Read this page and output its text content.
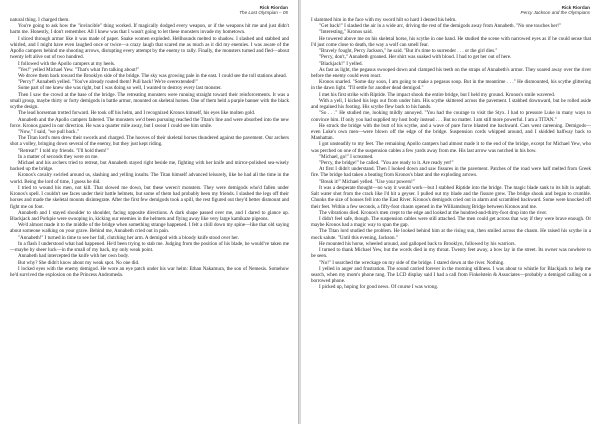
Rick Riordan
The Last Olympian – 05

natural thing. I charged them.

You're going to ask how the "invincible" thing worked. If magically dodged every weapon, or if the weapons hit me and just didn't harm me. Honestly, I don't remember. All I knew was that I wasn't going to let these monsters invade my hometown.

I sliced through armor like it was made of paper. Snake women exploded. Hellhounds melted to shadow. I slashed and stabbed and whirled, and I might have even laughed once or twice—a crazy laugh that scared me as much as it did my enemies. I was aware of the Apollo campers behind me shooting arrows, disrupting every attempt by the enemy to rally. Finally, the monsters turned and fled—about twenty left alive out of two hundred.

I followed with the Apollo campers at my heels.

"Yes!" yelled Michael Yew. "That's what I'm talking about!"

We drove them back toward the Brooklyn side of the bridge. The sky was growing pale in the east. I could see the toll stations ahead.

"Percy!" Annabeth yelled. "You've already routed them! Pull back! We're overextended!"

Some part of me knew she was right, but I was doing so well, I wanted to destroy every last monster.

Then I saw the crowd at the base of the bridge. The retreating monsters were running straight toward their reinforcements. It was a small group, maybe thirty or forty demigods in battle armor, mounted on skeletal horses. One of them held a purple banner with the black scythe design.

The lead horseman trotted forward. He took off his helm, and I recognized Kronos himself, his eyes like molten gold.

Annabeth and the Apollo campers faltered. The monsters we'd been pursuing reached the Titan's line and were absorbed into the new force. Kronos gazed in our direction. He was a quarter mile away, but I swear I could see him smile.

"Now," I said, "we pull back."

The Titan lord's men drew their swords and charged. The hooves of their skeletal horses thundered against the pavement. Our archers shot a volley, bringing down several of the enemy, but they just kept riding.

"Retreat!" I told my friends. "I'll hold them!"

In a matter of seconds they were on me.

Michael and his archers tried to retreat, but Annabeth stayed right beside me, fighting with her knife and mirror-polished sea-wisely backed up the bridge.

Kronos's cavalry swirled around us, slashing and yelling insults. The Titan himself advanced leisurely, like he had all the time in the world. Being the lord of time, I guess he did.

I tried to wound his men, not kill. That slowed me down, but these weren't monsters. They were demigods who'd fallen under Kronos's spell. I couldn't see faces under their battle helmets, but some of them had probably been my friends. I slashed the legs off their horses and made the skeletal mounts disintegrate. After the first few demigods took a spill, the rest figured out they'd better dismount and fight me on foot.

Annabeth and I stayed shoulder to shoulder, facing opposite directions. A dark shape passed over me, and I dared to glance up. Blackjack and Porkpie were swooping in, kicking our enemies in the helmets and flying away like very large kamikaze pigeons.

We'd almost made it to the middle of the bridge when something strange happened. I felt a chill down my spine—like that old saying about someone walking on your grave. Behind me, Annabeth cried out in pain.

"Annabeth!" I turned in time to see her fall, clutching her arm. A demigod with a bloody knife stood over her.

In a flash I understood what had happened. He'd been trying to stab me. Judging from the position of his blade, he would've taken me—maybe by sheer luck—in the small of my back, my only weak point.

Annabeth had intercepted the knife with her own body.

But why? She didn't know about my weak spot. No one did.

I locked eyes with the enemy demigod. He wore an eye patch under his war helm: Ethan Nakamura, the son of Nemesis. Somehow he'd survived the explosion on the Princess Andromeda.

Rick Riordan
Percy Jackson and the Olympians

I slammed him in the face with my sword hilt so hard I dented his helm.

"Get back!" I slashed the air in a wide arc, driving the rest of the demigods away from Annabeth. "No one touches her!"

"Interesting," Kronos said.

He towered above me on his skeletal horse, his scythe in one hand. He studied the scene with narrowed eyes as if he could sense that I'd just come close to death, the way a wolf can smell fear.

"Bravely fought, Percy Jackson," he said. "But it's time to surrender . . . or the girl dies."

"Percy, don't," Annabeth groaned. Her shirt was soaked with blood. I had to get her out of here.

"Blackjack!" I yelled.

As fast as light, the pegasus swooped down and clamped his teeth on the straps of Annabeth's armor. They soared away over the river before the enemy could even react.

Kronos snarled. "Some day soon, I am going to make a pegasus soup. But in the meantime . . ." He dismounted, his scythe glittering in the dawn light. "I'll settle for another dead demigod."

I met his first strike with Riptide. The impact shook the entire bridge, but I held my ground. Kronos's smile wavered.

With a yell, I kicked his legs out from under him. His scythe skittered across the pavement. I stabbed downward, but he rolled aside and regained his footing. His scythe flew back to his hands.

"So . . ." He studied me, looking mildly annoyed. "You had the courage to visit the Styx. I had to pressure Luke in many ways to convince him. If only you had supplied my host body instead . . . But no matter. I am still more powerful. I am a TITAN."

He struck the bridge with the butt of his scythe, and a wave of pure force blasted me backward. Cars went careening. Demigods—even Luke's own men—were blown off the edge of the bridge. Suspension cords whipped around, and I skidded halfway back to Manhattan.

I got unsteadily to my feet. The remaining Apollo campers had almost made it to the end of the bridge, except for Michael Yew, who was perched on one of the suspension cables a few yards away from me. His last arrow was notched in his bow.

"Michael, go!" I screamed.

"Percy, the bridge!" he called. "You are ready to it. Are ready yet!"

At first I didn't understand. Then I looked down and saw fissures in the pavement. Patches of the road were half melted from Greek fire. The bridge had taken a beating from Kronos's blast and the exploding arrows.

"Break it!" Michael yelled. "Use your powers!"

It was a desperate thought—no way it would work—but I stabbed Riptide into the bridge. The magic blade sank to its hilt in asphalt. Salt water shot from the crack like I'd hit a geyser. I pulled out my blade and the fissure grew. The bridge shook and began to crumble. Chunks the size of houses fell into the East River. Kronos's demigods cried out in alarm and scrambled backward. Some were knocked off their feet. Within a few seconds, a fifty-foot chasm opened in the Williamsburg Bridge between Kronos and me.

The vibrations died. Kronos's men crept to the edge and looked at the hundred-and-thirty-foot drop into the river.

I didn't feel safe, though. The suspension cables were still attached. The men could get across that way if they were brave enough. Or maybe Kronos had a magic way to span the gap.

The Titan lord studied the problem. He looked behind him at the rising sun, then smiled across the chasm. He raised his scythe in a mock salute. "Until this evening, Jackson."

He mounted his horse, wheeled around, and galloped back to Brooklyn, followed by his warriors.

I turned to thank Michael Yew, but the words died in my throat. Twenty feet away, a bow lay in the street. Its owner was nowhere to be seen.

"No!" I searched the wreckage on my side of the bridge. I stared down at the river. Nothing.

I yelled in anger and frustration. The sound carried forever in the morning stillness. I was about to whistle for Blackjack to help me search, when my mom's phone rang. The LCD display said I had a call from Finkelstein & Associates—probably a demigod calling on a borrowed phone.

I picked up, hoping for good news. Of course I was wrong.
